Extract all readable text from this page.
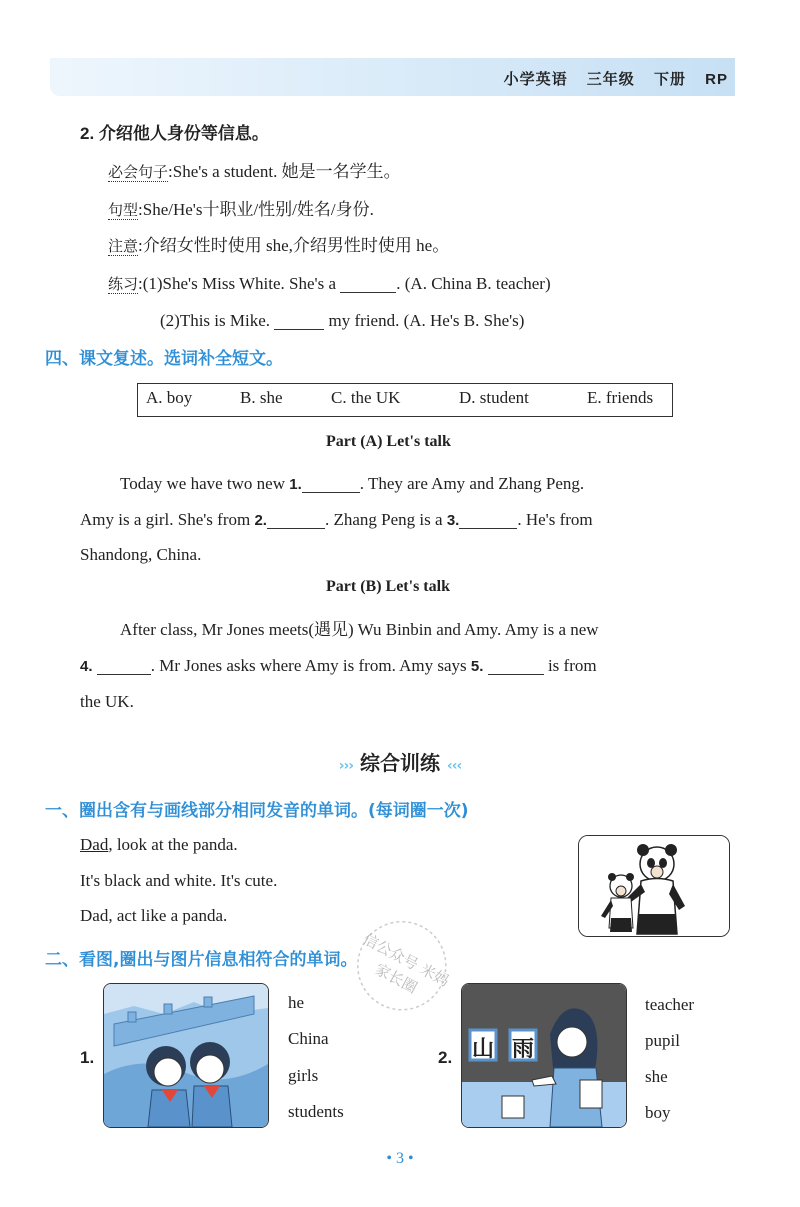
小学英语 三年级 下册 RP
2. 介绍他人身份等信息。
必会句子:She's a student. 她是一名学生。
句型:She/He's十职业/性别/姓名/身份.
注意:介绍女性时使用 she,介绍男性时使用 he。
练习:(1)She's Miss White. She's a	. (A. China B. teacher)
(2)This is Mike.	my friend. (A. He's B. She's)
四、课文复述。选词补全短文。
A. boy	B. she	C. the UK	D. student	E. friends
Part (A) Let's talk
Today we have two new 1.	. They are Amy and Zhang Peng.
Amy is a girl. She's from 2.	. Zhang Peng is a 3.	. He's from
Shandong, China.
Part (B) Let's talk
After class, Mr Jones meets(遇见) Wu Binbin and Amy. Amy is a new
4.	. Mr Jones asks where Amy is from. Amy says 5.	is from
the UK.
››› 综合训练 ‹‹‹
一、圈出含有与画线部分相同发音的单词。(每词圈一次)
Dad, look at the panda.
It's black and white. It's cute.
Dad, act like a panda.
信公众号 米妈家长圈
二、看图,圈出与图片信息相符合的单词。
1.
he
China
girls
students
2. 山 雨
teacher
pupil
she
boy
• 3 •
